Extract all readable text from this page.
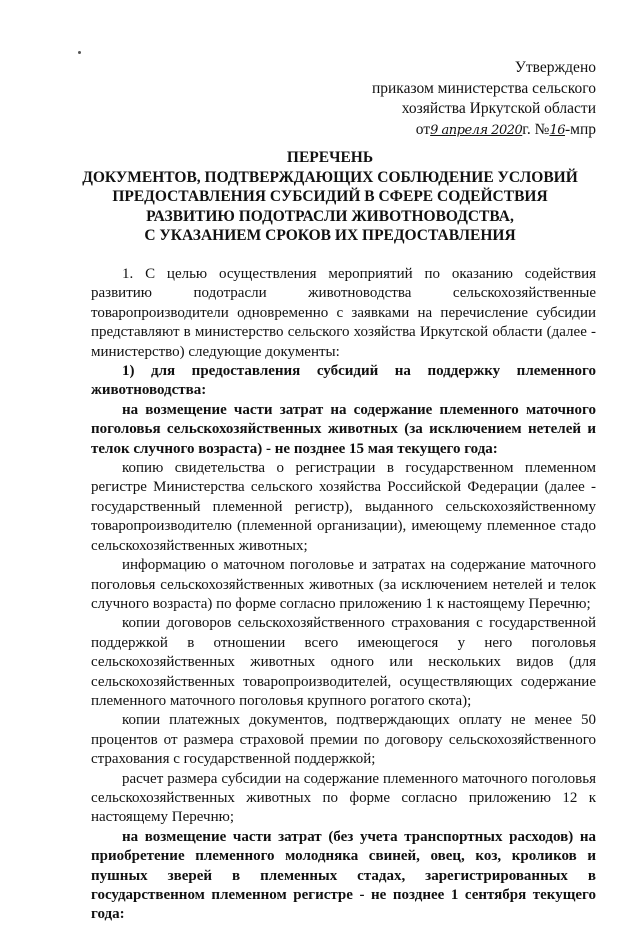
Утверждено
приказом министерства сельского
хозяйства Иркутской области
от9 апреля 2020г. №16-мпр
ПЕРЕЧЕНЬ
ДОКУМЕНТОВ, ПОДТВЕРЖДАЮЩИХ СОБЛЮДЕНИЕ УСЛОВИЙ
ПРЕДОСТАВЛЕНИЯ СУБСИДИЙ В СФЕРЕ СОДЕЙСТВИЯ
РАЗВИТИЮ ПОДОТРАСЛИ ЖИВОТНОВОДСТВА,
С УКАЗАНИЕМ СРОКОВ ИХ ПРЕДОСТАВЛЕНИЯ

1. С целью осуществления мероприятий по оказанию содействия развитию подотрасли животноводства сельскохозяйственные товаропроизводители одновременно с заявками на перечисление субсидии представляют в министерство сельского хозяйства Иркутской области (далее - министерство) следующие документы:

1) для предоставления субсидий на поддержку племенного животноводства:

на возмещение части затрат на содержание племенного маточного поголовья сельскохозяйственных животных (за исключением нетелей и телок случного возраста) - не позднее 15 мая текущего года:

копию свидетельства о регистрации в государственном племенном регистре Министерства сельского хозяйства Российской Федерации (далее - государственный племенной регистр), выданного сельскохозяйственному товаропроизводителю (племенной организации), имеющему племенное стадо сельскохозяйственных животных;

информацию о маточном поголовье и затратах на содержание маточного поголовья сельскохозяйственных животных (за исключением нетелей и телок случного возраста) по форме согласно приложению 1 к настоящему Перечню;

копии договоров сельскохозяйственного страхования с государственной поддержкой в отношении всего имеющегося у него поголовья сельскохозяйственных животных одного или нескольких видов (для сельскохозяйственных товаропроизводителей, осуществляющих содержание племенного маточного поголовья крупного рогатого скота);

копии платежных документов, подтверждающих оплату не менее 50 процентов от размера страховой премии по договору сельскохозяйственного страхования с государственной поддержкой;

расчет размера субсидии на содержание племенного маточного поголовья сельскохозяйственных животных по форме согласно приложению 12 к настоящему Перечню;

на возмещение части затрат (без учета транспортных расходов) на приобретение племенного молодняка свиней, овец, коз, кроликов и пушных зверей в племенных стадах, зарегистрированных в государственном племенном регистре - не позднее 1 сентября текущего года:
